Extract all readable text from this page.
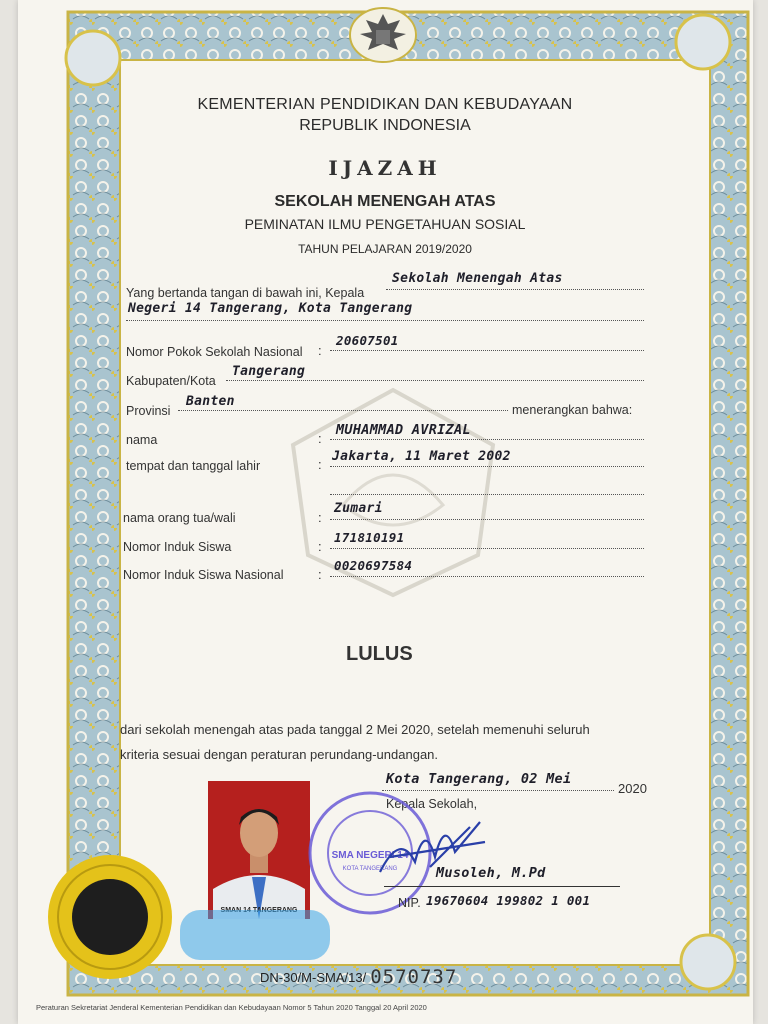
KEMENTERIAN PENDIDIKAN DAN KEBUDAYAAN
REPUBLIK INDONESIA
IJAZAH
SEKOLAH MENENGAH ATAS
PEMINATAN ILMU PENGETAHUAN SOSIAL
TAHUN PELAJARAN 2019/2020
Yang bertanda tangan di bawah ini, Kepala
Sekolah Menengah Atas
Negeri 14 Tangerang, Kota Tangerang
Nomor Pokok Sekolah Nasional :
20607501
Kabupaten/Kota
Tangerang
Provinsi
Banten
menerangkan bahwa:
nama	:
MUHAMMAD AVRIZAL
tempat dan tanggal lahir	:
Jakarta, 11 Maret 2002
nama orang tua/wali	:
Zumari
Nomor Induk Siswa	:
171810191
Nomor Induk Siswa Nasional	:
0020697584
LULUS
dari sekolah menengah atas pada tanggal 2 Mei 2020, setelah memenuhi seluruh
kriteria sesuai dengan peraturan perundang-undangan.
Kota Tangerang, 02 Mei
2020
Kepala Sekolah,
SMA NEGERI 14
KOTA TANGERANG	Musoleh, M.Pd
NIP. 19670604 199802 1 001
DN-30/M-SMA/13/ 0570737
Peraturan Sekretariat Jenderal Kementerian Pendidikan dan Kebudayaan Nomor 5 Tahun 2020 Tanggal 20 April 2020
